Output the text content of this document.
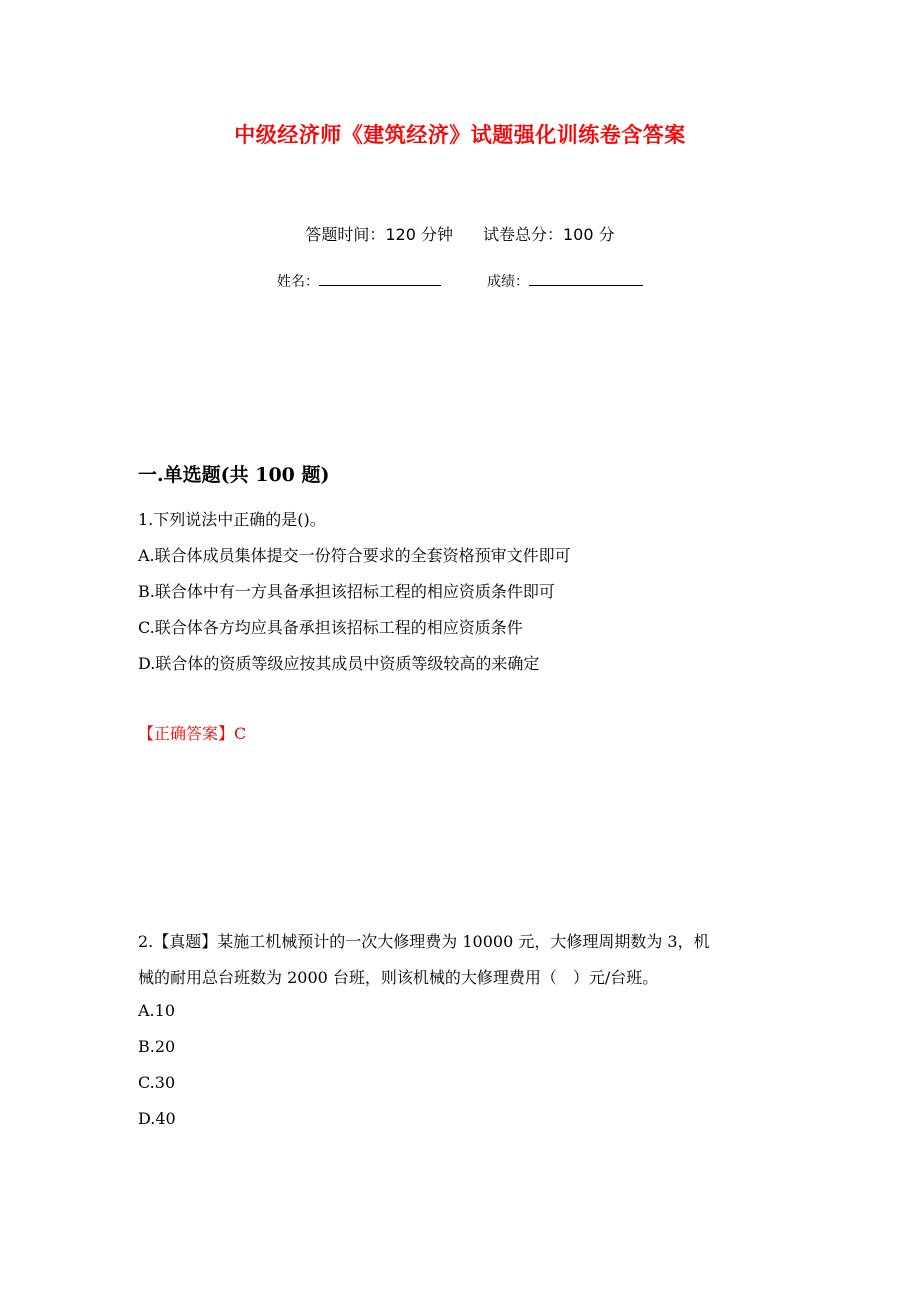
中级经济师《建筑经济》试题强化训练卷含答案
答题时间：120 分钟 试卷总分：100 分
姓名：	成绩：
一.单选题(共 100 题)
1.下列说法中正确的是()。
A.联合体成员集体提交一份符合要求的全套资格预审文件即可
B.联合体中有一方具备承担该招标工程的相应资质条件即可
C.联合体各方均应具备承担该招标工程的相应资质条件
D.联合体的资质等级应按其成员中资质等级较高的来确定
【正确答案】C
2.【真题】某施工机械预计的一次大修理费为 10000 元，大修理周期数为 3，机
械的耐用总台班数为 2000 台班，则该机械的大修理费用（　）元/台班。
A.10
B.20
C.30
D.40
